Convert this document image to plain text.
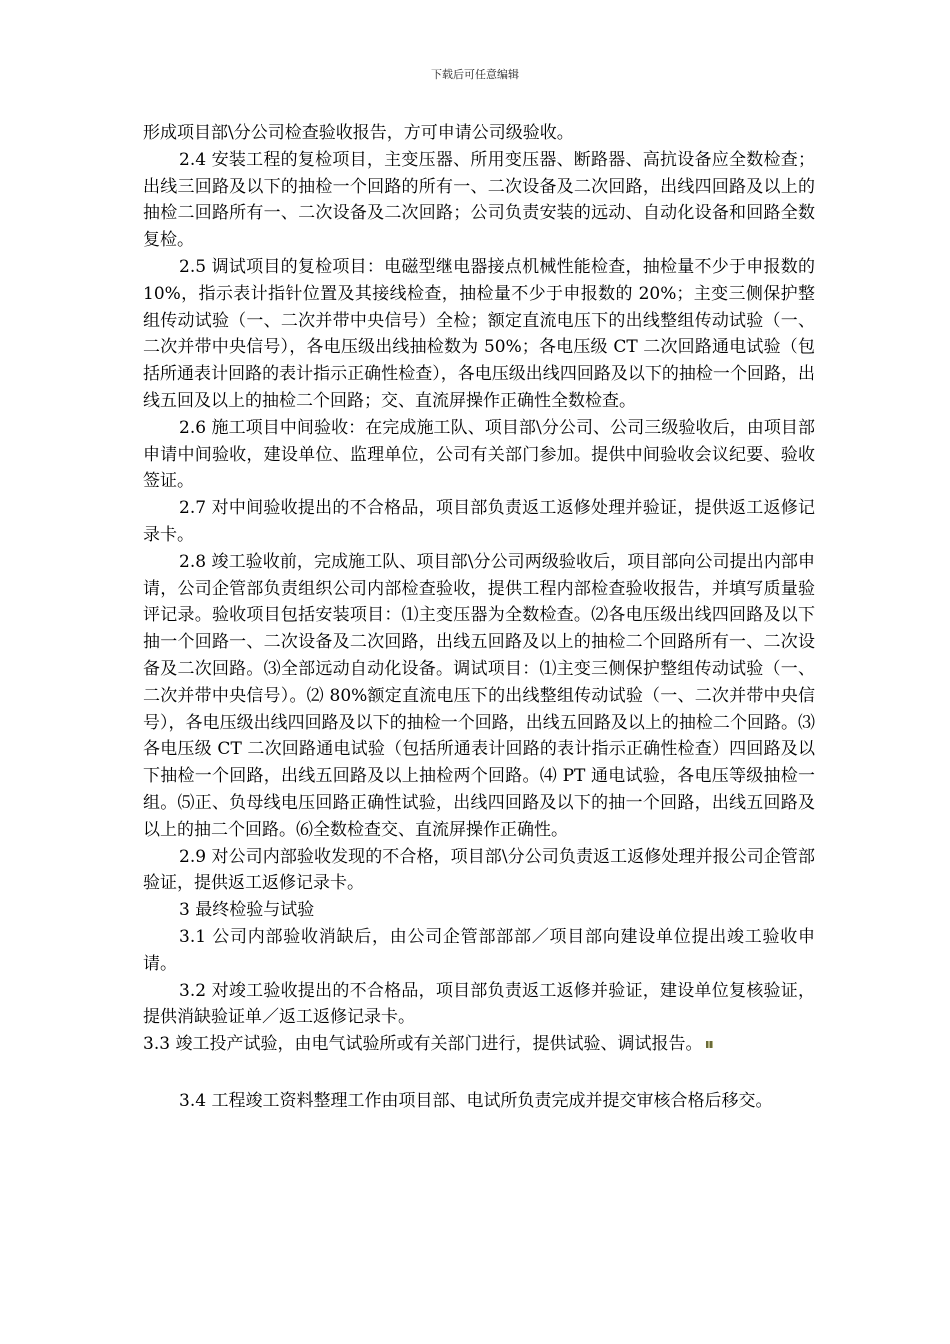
下载后可任意编辑

形成项目部\分公司检查验收报告，方可申请公司级验收。

2.4 安装工程的复检项目，主变压器、所用变压器、断路器、高抗设备应全数检查；出线三回路及以下的抽检一个回路的所有一、二次设备及二次回路，出线四回路及以上的抽检二回路所有一、二次设备及二次回路；公司负责安装的远动、自动化设备和回路全数复检。

2.5 调试项目的复检项目：电磁型继电器接点机械性能检查，抽检量不少于申报数的 10%，指示表计指针位置及其接线检查，抽检量不少于申报数的 20%；主变三侧保护整组传动试验（一、二次并带中央信号）全检；额定直流电压下的出线整组传动试验（一、二次并带中央信号），各电压级出线抽检数为 50%；各电压级 CT 二次回路通电试验（包括所通表计回路的表计指示正确性检查），各电压级出线四回路及以下的抽检一个回路，出线五回及以上的抽检二个回路；交、直流屏操作正确性全数检查。

2.6 施工项目中间验收：在完成施工队、项目部\分公司、公司三级验收后，由项目部申请中间验收，建设单位、监理单位，公司有关部门参加。提供中间验收会议纪要、验收签证。

2.7 对中间验收提出的不合格品，项目部负责返工返修处理并验证，提供返工返修记录卡。

2.8 竣工验收前，完成施工队、项目部\分公司两级验收后，项目部向公司提出内部申请，公司企管部负责组织公司内部检查验收，提供工程内部检查验收报告，并填写质量验评记录。验收项目包括安装项目：⑴主变压器为全数检查。⑵各电压级出线四回路及以下抽一个回路一、二次设备及二次回路，出线五回路及以上的抽检二个回路所有一、二次设备及二次回路。⑶全部远动自动化设备。调试项目：⑴主变三侧保护整组传动试验（一、二次并带中央信号）。⑵ 80%额定直流电压下的出线整组传动试验（一、二次并带中央信号），各电压级出线四回路及以下的抽检一个回路，出线五回路及以上的抽检二个回路。⑶各电压级 CT 二次回路通电试验（包括所通表计回路的表计指示正确性检查）四回路及以下抽检一个回路，出线五回路及以上抽检两个回路。⑷ PT 通电试验，各电压等级抽检一组。⑸正、负母线电压回路正确性试验，出线四回路及以下的抽一个回路，出线五回路及以上的抽二个回路。⑹全数检查交、直流屏操作正确性。

2.9 对公司内部验收发现的不合格，项目部\分公司负责返工返修处理并报公司企管部验证，提供返工返修记录卡。

3 最终检验与试验

3.1 公司内部验收消缺后，由公司企管部部部／项目部向建设单位提出竣工验收申请。

3.2 对竣工验收提出的不合格品，项目部负责返工返修并验证，建设单位复核验证，提供消缺验证单／返工返修记录卡。

3.3 竣工投产试验，由电气试验所或有关部门进行，提供试验、调试报告。

3.4 工程竣工资料整理工作由项目部、电试所负责完成并提交审核合格后移交。
